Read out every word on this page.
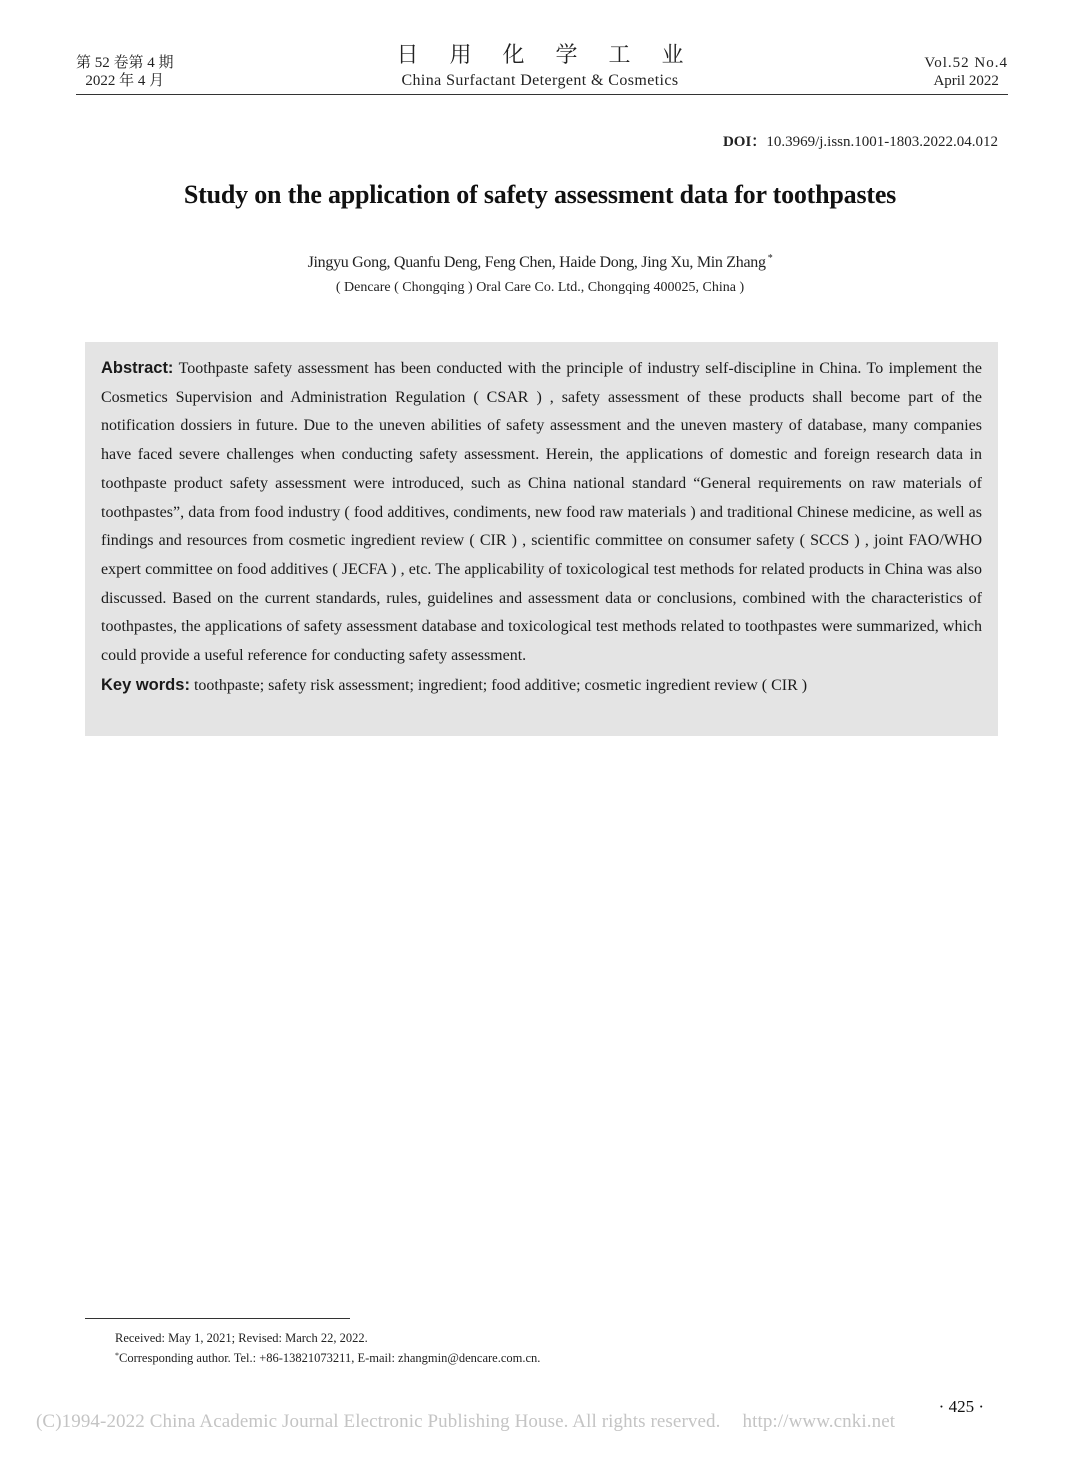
第 52 卷第 4 期
2022 年 4 月
日 用 化 学 工 业
China Surfactant Detergent & Cosmetics
Vol.52 No.4
April 2022
DOI：10.3969/j.issn.1001-1803.2022.04.012
Study on the application of safety assessment data for toothpastes
Jingyu Gong, Quanfu Deng, Feng Chen, Haide Dong, Jing Xu, Min Zhang *
( Dencare ( Chongqing ) Oral Care Co. Ltd., Chongqing 400025, China )

Abstract: Toothpaste safety assessment has been conducted with the principle of industry self-discipline in China. To implement the Cosmetics Supervision and Administration Regulation ( CSAR ) , safety assessment of these products shall become part of the notification dossiers in future. Due to the uneven abilities of safety assessment and the uneven mastery of database, many companies have faced severe challenges when conducting safety assessment. Herein, the applications of domestic and foreign research data in toothpaste product safety assessment were introduced, such as China national standard “General requirements on raw materials of toothpastes”, data from food industry ( food additives, condiments, new food raw materials ) and traditional Chinese medicine, as well as findings and resources from cosmetic ingredient review ( CIR ) , scientific committee on consumer safety ( SCCS ) , joint FAO/WHO expert committee on food additives ( JECFA ) , etc. The applicability of toxicological test methods for related products in China was also discussed. Based on the current standards, rules, guidelines and assessment data or conclusions, combined with the characteristics of toothpastes, the applications of safety assessment database and toxicological test methods related to toothpastes were summarized, which could provide a useful reference for conducting safety assessment.

Key words: toothpaste; safety risk assessment; ingredient; food additive; cosmetic ingredient review ( CIR )

Received: May 1, 2021; Revised: March 22, 2022.
*Corresponding author. Tel.: +86-13821073211, E-mail: zhangmin@dencare.com.cn.
· 425 ·
(C)1994-2022 China Academic Journal Electronic Publishing House. All rights reserved. http://www.cnki.net
